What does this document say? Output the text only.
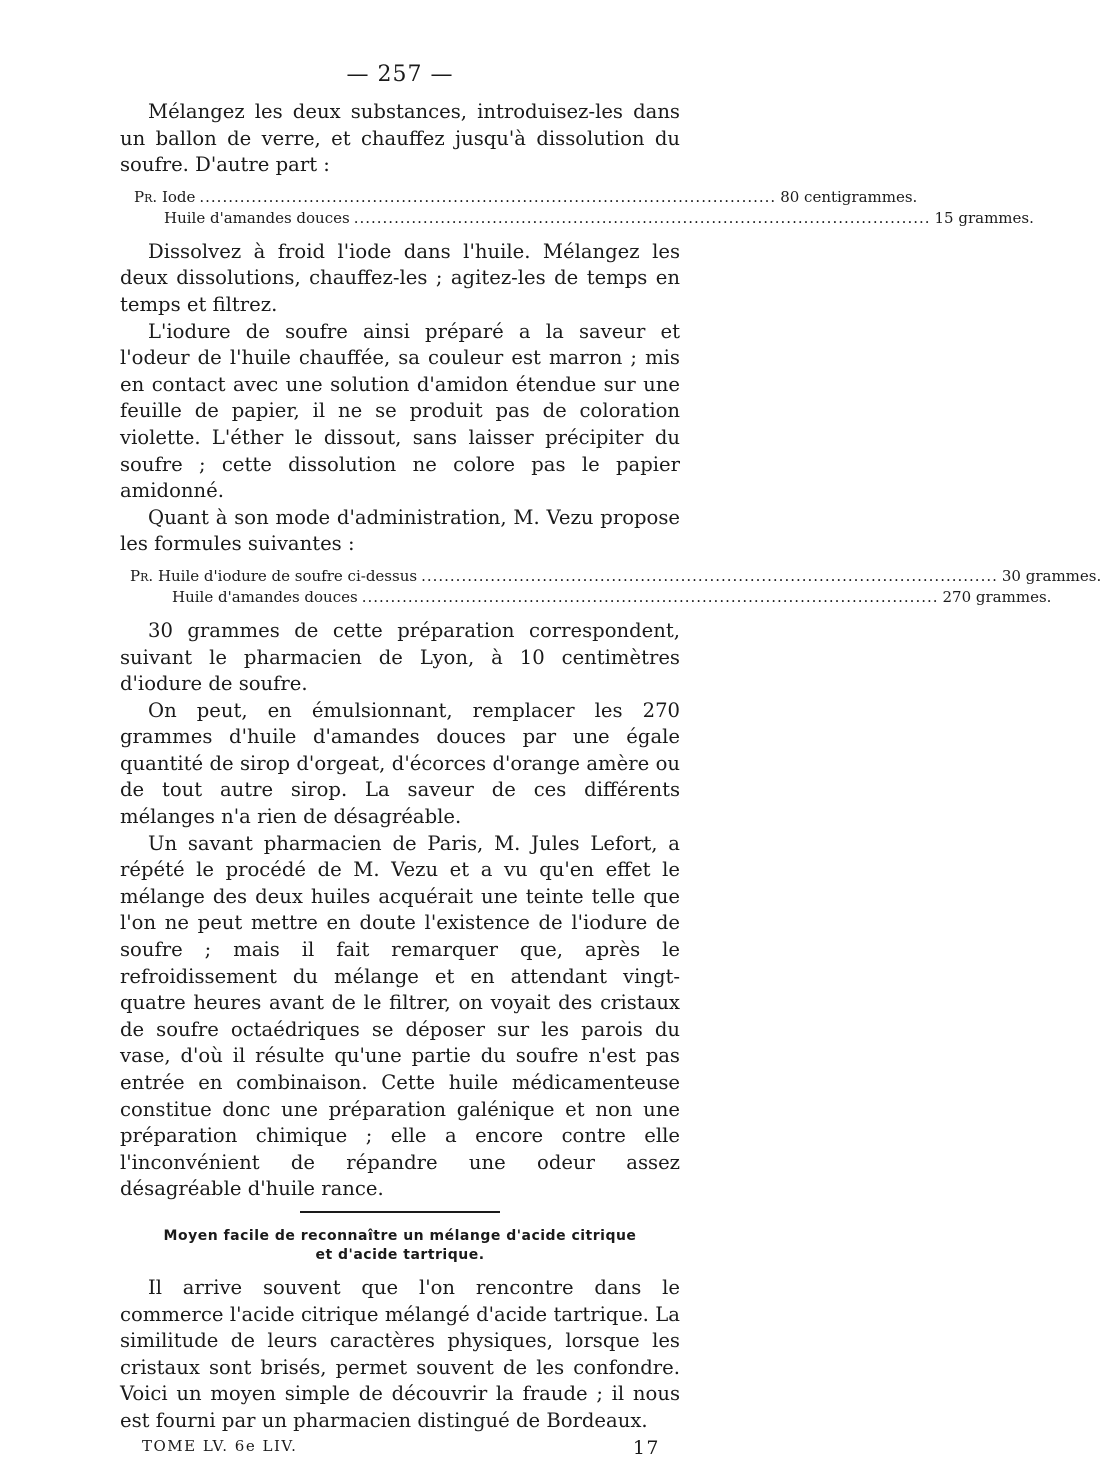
— 257 —

Mélangez les deux substances, introduisez-les dans un ballon de verre, et chauffez jusqu'à dissolution du soufre. D'autre part :

Pr.
Iode .................................................................................................... 80 centigrammes.
Huile d'amandes douces .................................................................................................... 15 grammes.

Dissolvez à froid l'iode dans l'huile. Mélangez les deux dissolutions, chauffez-les ; agitez-les de temps en temps et filtrez.

L'iodure de soufre ainsi préparé a la saveur et l'odeur de l'huile chauffée, sa couleur est marron ; mis en contact avec une solution d'amidon étendue sur une feuille de papier, il ne se produit pas de coloration violette. L'éther le dissout, sans laisser précipiter du soufre ; cette dissolution ne colore pas le papier amidonné.

Quant à son mode d'administration, M. Vezu propose les formules suivantes :

Pr.
Huile d'iodure de soufre ci-dessus .................................................................................................... 30 grammes.
Huile d'amandes douces .................................................................................................... 270 grammes.

30 grammes de cette préparation correspondent, suivant le pharmacien de Lyon, à 10 centimètres d'iodure de soufre.

On peut, en émulsionnant, remplacer les 270 grammes d'huile d'amandes douces par une égale quantité de sirop d'orgeat, d'écorces d'orange amère ou de tout autre sirop. La saveur de ces différents mélanges n'a rien de désagréable.

Un savant pharmacien de Paris, M. Jules Lefort, a répété le procédé de M. Vezu et a vu qu'en effet le mélange des deux huiles acquérait une teinte telle que l'on ne peut mettre en doute l'existence de l'iodure de soufre ; mais il fait remarquer que, après le refroidissement du mélange et en attendant vingt-quatre heures avant de le filtrer, on voyait des cristaux de soufre octaédriques se déposer sur les parois du vase, d'où il résulte qu'une partie du soufre n'est pas entrée en combinaison. Cette huile médicamenteuse constitue donc une préparation galénique et non une préparation chimique ; elle a encore contre elle l'inconvénient de répandre une odeur assez désagréable d'huile rance.

Moyen facile de reconnaître un mélange d'acide citrique
et d'acide tartrique.

Il arrive souvent que l'on rencontre dans le commerce l'acide citrique mélangé d'acide tartrique. La similitude de leurs caractères physiques, lorsque les cristaux sont brisés, permet souvent de les confondre. Voici un moyen simple de découvrir la fraude ; il nous est fourni par un pharmacien distingué de Bordeaux.

TOME LV. 6e LIV.	17
